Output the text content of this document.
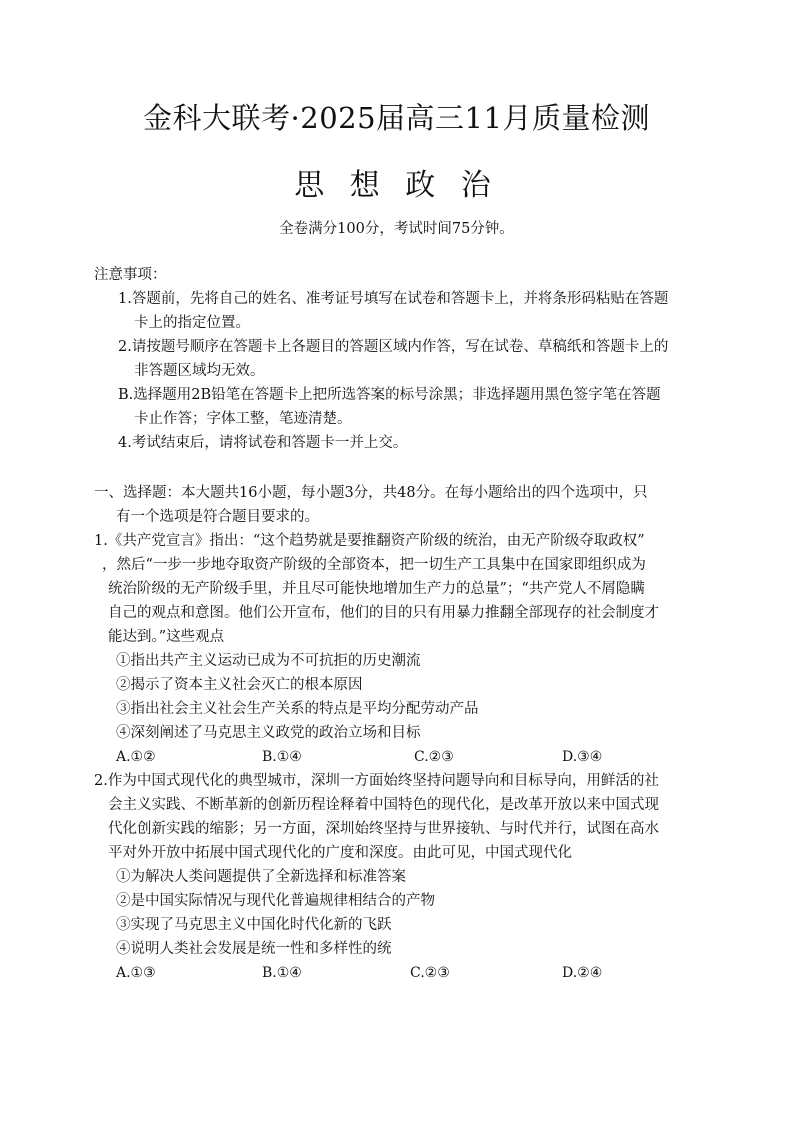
金科大联考·2025届高三11月质量检测
思 想 政 治
全卷满分100分，考试时间75分钟。
注意事项：
1.答题前，先将自己的姓名、准考证号填写在试卷和答题卡上，并将条形码粘贴在答题
卡上的指定位置。
2.请按题号顺序在答题卡上各题目的答题区域内作答，写在试卷、草稿纸和答题卡上的
非答题区域均无效。
B.选择题用2B铅笔在答题卡上把所选答案的标号涂黑；非选择题用黑色签字笔在答题
卡止作答；字体工整，笔迹清楚。
4.考试结束后，请将试卷和答题卡一并上交。
一、选择题：本大题共16小题，每小题3分，共48分。在每小题给出的四个选项中，只
有一个选项是符合题目要求的。
1.《共产党宣言》指出：“这个趋势就是要推翻资产阶级的统治，由无产阶级夺取政权”
，然后“一步一步地夺取资产阶级的全部资本，把一切生产工具集中在国家即组织成为
统治阶级的无产阶级手里，并且尽可能快地增加生产力的总量”；“共产党人不屑隐瞒
自己的观点和意图。他们公开宣布，他们的目的只有用暴力推翻全部现存的社会制度才
能达到。”这些观点
①指出共产主义运动已成为不可抗拒的历史潮流
②揭示了资本主义社会灭亡的根本原因
③指出社会主义社会生产关系的特点是平均分配劳动产品
④深刻阐述了马克思主义政党的政治立场和目标
A.①②	B.①④	C.②③	D.③④
2.作为中国式现代化的典型城市，深圳一方面始终坚持问题导向和目标导向，用鲜活的社
会主义实践、不断革新的创新历程诠释着中国特色的现代化，是改革开放以来中国式现
代化创新实践的缩影；另一方面，深圳始终坚持与世界接轨、与时代并行，试图在高水
平对外开放中拓展中国式现代化的广度和深度。由此可见，中国式现代化
①为解决人类问题提供了全新选择和标准答案
②是中国实际情况与现代化普遍规律相结合的产物
③实现了马克思主义中国化时代化新的飞跃
④说明人类社会发展是统一性和多样性的统
A.①③	B.①④	C.②③	D.②④
